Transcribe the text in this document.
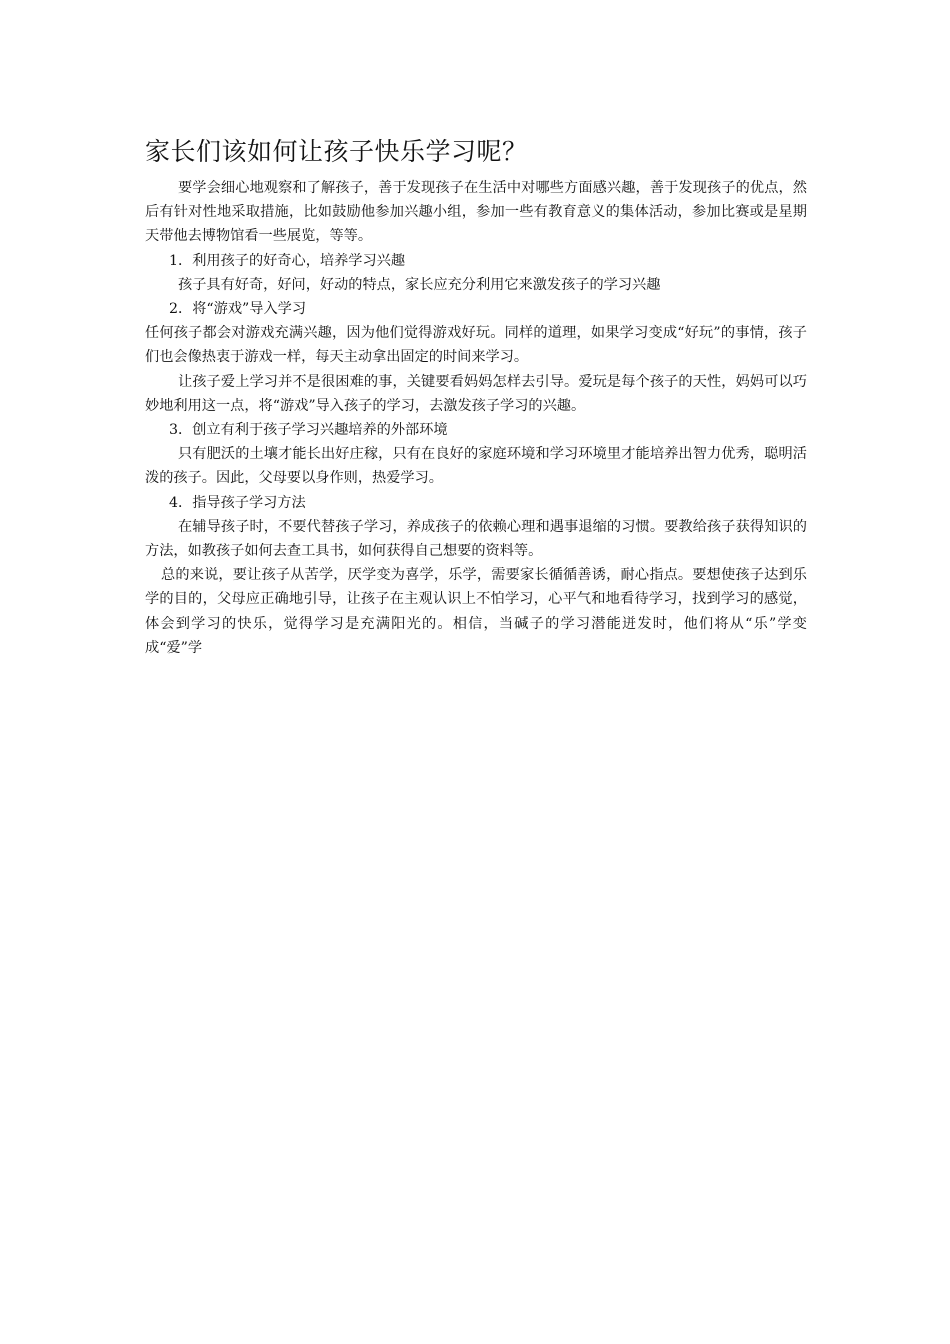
家长们该如何让孩子快乐学习呢？

要学会细心地观察和了解孩子，善于发现孩子在生活中对哪些方面感兴趣，善于发现孩子的优点，然后有针对性地采取措施，比如鼓励他参加兴趣小组，参加一些有教育意义的集体活动，参加比赛或是星期天带他去博物馆看一些展览，等等。

1．利用孩子的好奇心，培养学习兴趣

孩子具有好奇，好问，好动的特点，家长应充分利用它来激发孩子的学习兴趣

2．将“游戏”导入学习

任何孩子都会对游戏充满兴趣，因为他们觉得游戏好玩。同样的道理，如果学习变成“好玩”的事情，孩子们也会像热衷于游戏一样，每天主动拿出固定的时间来学习。

让孩子爱上学习并不是很困难的事，关键要看妈妈怎样去引导。爱玩是每个孩子的天性，妈妈可以巧妙地利用这一点，将“游戏”导入孩子的学习，去激发孩子学习的兴趣。

3．创立有利于孩子学习兴趣培养的外部环境

只有肥沃的土壤才能长出好庄稼，只有在良好的家庭环境和学习环境里才能培养出智力优秀，聪明活泼的孩子。因此，父母要以身作则，热爱学习。

4．指导孩子学习方法

在辅导孩子时，不要代替孩子学习，养成孩子的依赖心理和遇事退缩的习惯。要教给孩子获得知识的方法，如教孩子如何去查工具书，如何获得自己想要的资料等。

总的来说，要让孩子从苦学，厌学变为喜学，乐学，需要家长循循善诱，耐心指点。要想使孩子达到乐学的目的，父母应正确地引导，让孩子在主观认识上不怕学习，心平气和地看待学习，找到学习的感觉，体会到学习的快乐，觉得学习是充满阳光的。相信，当碱子的学习潜能迸发时，他们将从“乐”学变成“爱”学
